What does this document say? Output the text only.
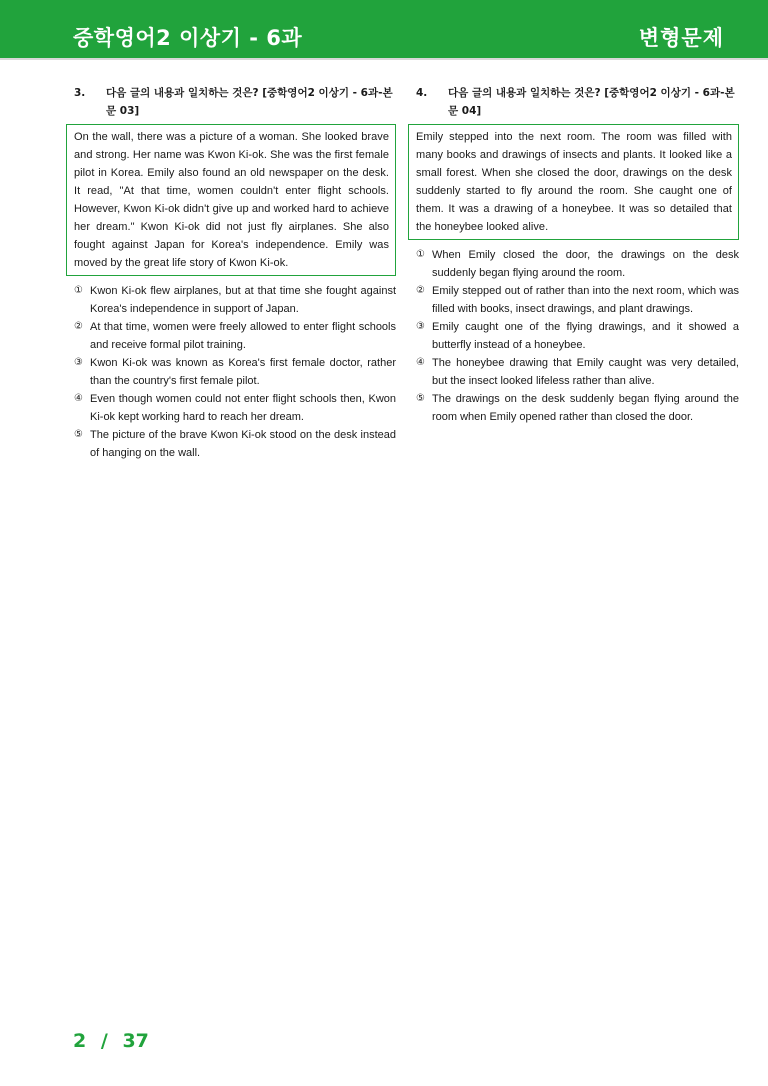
중학영어2 이상기 - 6과	변형문제
3. 다음 글의 내용과 일치하는 것은? [중학영어2 이상기 - 6과-본문 03]
On the wall, there was a picture of a woman. She looked brave and strong. Her name was Kwon Ki-ok. She was the first female pilot in Korea. Emily also found an old newspaper on the desk. It read, "At that time, women couldn't enter flight schools. However, Kwon Ki-ok didn't give up and worked hard to achieve her dream." Kwon Ki-ok did not just fly airplanes. She also fought against Japan for Korea's independence. Emily was moved by the great life story of Kwon Ki-ok.
① Kwon Ki-ok flew airplanes, but at that time she fought against Korea's independence in support of Japan.
② At that time, women were freely allowed to enter flight schools and receive formal pilot training.
③ Kwon Ki-ok was known as Korea's first female doctor, rather than the country's first female pilot.
④ Even though women could not enter flight schools then, Kwon Ki-ok kept working hard to reach her dream.
⑤ The picture of the brave Kwon Ki-ok stood on the desk instead of hanging on the wall.
4. 다음 글의 내용과 일치하는 것은? [중학영어2 이상기 - 6과-본문 04]
Emily stepped into the next room. The room was filled with many books and drawings of insects and plants. It looked like a small forest. When she closed the door, drawings on the desk suddenly started to fly around the room. She caught one of them. It was a drawing of a honeybee. It was so detailed that the honeybee looked alive.
① When Emily closed the door, the drawings on the desk suddenly began flying around the room.
② Emily stepped out of rather than into the next room, which was filled with books, insect drawings, and plant drawings.
③ Emily caught one of the flying drawings, and it showed a butterfly instead of a honeybee.
④ The honeybee drawing that Emily caught was very detailed, but the insect looked lifeless rather than alive.
⑤ The drawings on the desk suddenly began flying around the room when Emily opened rather than closed the door.
2 / 37
